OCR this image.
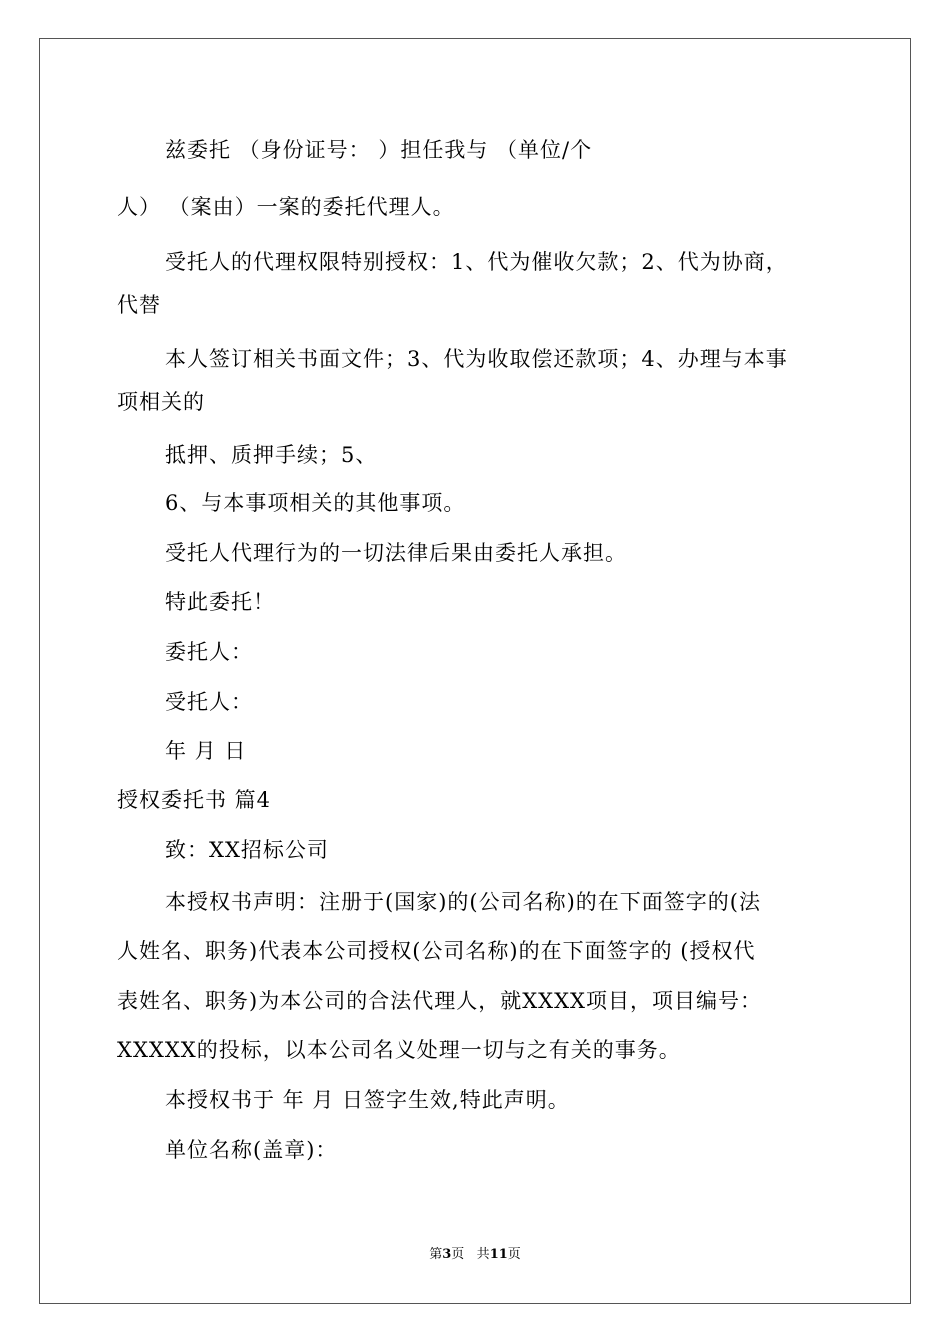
兹委托 （身份证号： ）担任我与 （单位/个
人） （案由）一案的委托代理人。
受托人的代理权限特别授权：1、代为催收欠款；2、代为协商，
代替
本人签订相关书面文件；3、代为收取偿还款项；4、办理与本事
项相关的
抵押、质押手续；5、
6、与本事项相关的其他事项。
受托人代理行为的一切法律后果由委托人承担。
特此委托！
委托人：
受托人：
年 月 日
授权委托书 篇4
致：XX招标公司
本授权书声明：注册于(国家)的(公司名称)的在下面签字的(法
人姓名、职务)代表本公司授权(公司名称)的在下面签字的 (授权代
表姓名、职务)为本公司的合法代理人，就XXXX项目，项目编号：
XXXXX的投标，以本公司名义处理一切与之有关的事务。
本授权书于 年 月 日签字生效,特此声明。
单位名称(盖章)：
第3页 共11页
